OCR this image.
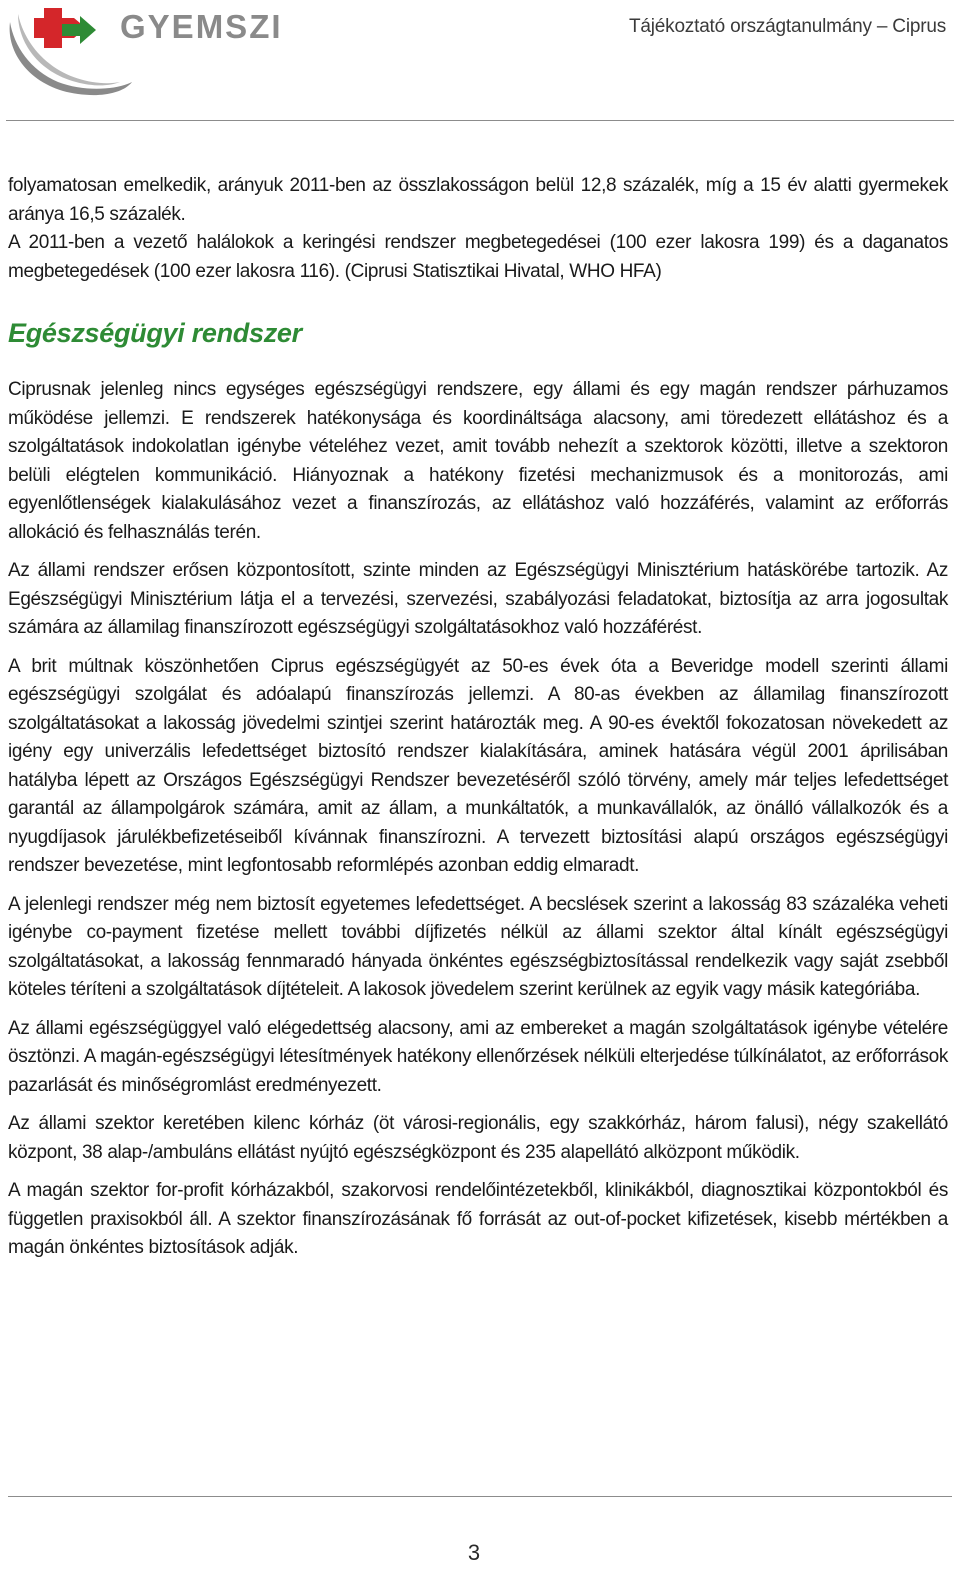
GYEMSZI	Tájékoztató országtanulmány – Ciprus

folyamatosan emelkedik, arányuk 2011-ben az összlakosságon belül 12,8 százalék, míg a 15 év alatti gyermekek aránya 16,5 százalék.

A 2011-ben a vezető halálokok a keringési rendszer megbetegedései (100 ezer lakosra 199) és a daganatos megbetegedések (100 ezer lakosra 116). (Ciprusi Statisztikai Hivatal, WHO HFA)

Egészségügyi rendszer

Ciprusnak jelenleg nincs egységes egészségügyi rendszere, egy állami és egy magán rendszer párhuzamos működése jellemzi. E rendszerek hatékonysága és koordináltsága alacsony, ami töredezett ellátáshoz és a szolgáltatások indokolatlan igénybe vételéhez vezet, amit tovább nehezít a szektorok közötti, illetve a szektoron belüli elégtelen kommunikáció. Hiányoznak a hatékony fizetési mechanizmusok és a monitorozás, ami egyenlőtlenségek kialakulásához vezet a finanszírozás, az ellátáshoz való hozzáférés, valamint az erőforrás allokáció és felhasználás terén.

Az állami rendszer erősen központosított, szinte minden az Egészségügyi Minisztérium hatáskörébe tartozik. Az Egészségügyi Minisztérium látja el a tervezési, szervezési, szabályozási feladatokat, biztosítja az arra jogosultak számára az államilag finanszírozott egészségügyi szolgáltatásokhoz való hozzáférést.

A brit múltnak köszönhetően Ciprus egészségügyét az 50-es évek óta a Beveridge modell szerinti állami egészségügyi szolgálat és adóalapú finanszírozás jellemzi. A 80-as években az államilag finanszírozott szolgáltatásokat a lakosság jövedelmi szintjei szerint határozták meg. A 90-es évektől fokozatosan növekedett az igény egy univerzális lefedettséget biztosító rendszer kialakítására, aminek hatására végül 2001 áprilisában hatályba lépett az Országos Egészségügyi Rendszer bevezetéséről szóló törvény, amely már teljes lefedettséget garantál az állampolgárok számára, amit az állam, a munkáltatók, a munkavállalók, az önálló vállalkozók és a nyugdíjasok járulékbefizetéseiből kívánnak finanszírozni. A tervezett biztosítási alapú országos egészségügyi rendszer bevezetése, mint legfontosabb reformlépés azonban eddig elmaradt.

A jelenlegi rendszer még nem biztosít egyetemes lefedettséget. A becslések szerint a lakosság 83 százaléka veheti igénybe co-payment fizetése mellett további díjfizetés nélkül az állami szektor által kínált egészségügyi szolgáltatásokat, a lakosság fennmaradó hányada önkéntes egészségbiztosítással rendelkezik vagy saját zsebből köteles téríteni a szolgáltatások díjtételeit. A lakosok jövedelem szerint kerülnek az egyik vagy másik kategóriába.

Az állami egészségüggyel való elégedettség alacsony, ami az embereket a magán szolgáltatások igénybe vételére ösztönzi. A magán-egészségügyi létesítmények hatékony ellenőrzések nélküli elterjedése túlkínálatot, az erőforrások pazarlását és minőségromlást eredményezett.

Az állami szektor keretében kilenc kórház (öt városi-regionális, egy szakkórház, három falusi), négy szakellátó központ, 38 alap-/ambuláns ellátást nyújtó egészségközpont és 235 alapellátó alközpont működik.

A magán szektor for-profit kórházakból, szakorvosi rendelőintézetekből, klinikákból, diagnosztikai központokból és független praxisokból áll. A szektor finanszírozásának fő forrását az out-of-pocket kifizetések, kisebb mértékben a magán önkéntes biztosítások adják.

3
